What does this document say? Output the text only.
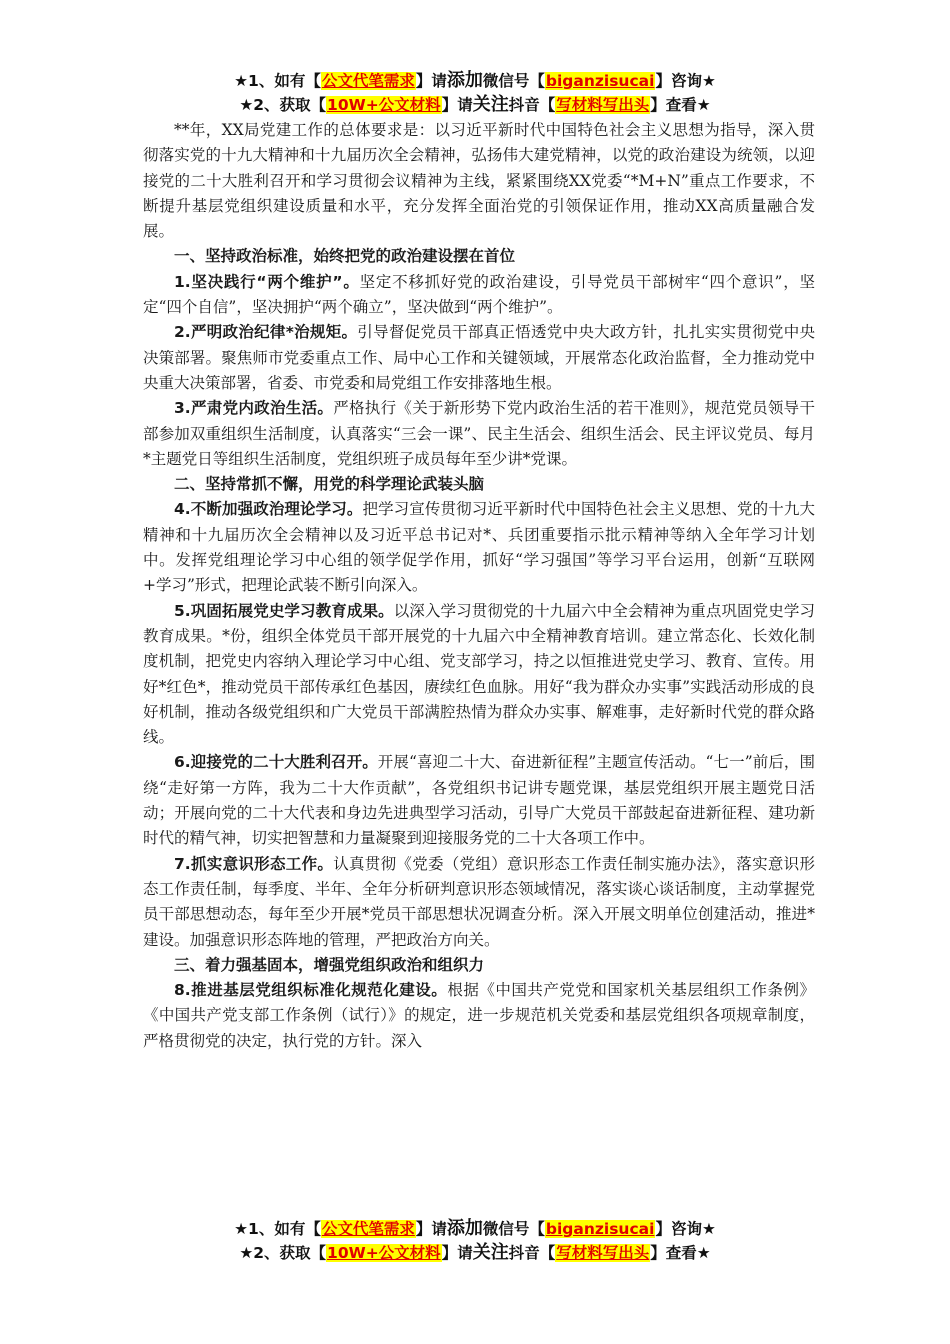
★1、如有【公文代笔需求】请添加微信号【biganzisucai】咨询★
★2、获取【10W+公文材料】请关注抖音【写材料写出头】查看★

**年，XX局党建工作的总体要求是：以习近平新时代中国特色社会主义思想为指导，深入贯彻落实党的十九大精神和十九届历次全会精神，弘扬伟大建党精神，以党的政治建设为统领，以迎接党的二十大胜利召开和学习贯彻会议精神为主线，紧紧围绕XX党委“*M+N”重点工作要求，不断提升基层党组织建设质量和水平，充分发挥全面治党的引领保证作用，推动XX高质量融合发展。

一、坚持政治标准，始终把党的政治建设摆在首位

1.坚决践行“两个维护”。坚定不移抓好党的政治建设，引导党员干部树牢“四个意识”，坚定“四个自信”，坚决拥护“两个确立”，坚决做到“两个维护”。

2.严明政治纪律*治规矩。引导督促党员干部真正悟透党中央大政方针，扎扎实实贯彻党中央决策部署。聚焦师市党委重点工作、局中心工作和关键领域，开展常态化政治监督，全力推动党中央重大决策部署，省委、市党委和局党组工作安排落地生根。

3.严肃党内政治生活。严格执行《关于新形势下党内政治生活的若干准则》，规范党员领导干部参加双重组织生活制度，认真落实“三会一课”、民主生活会、组织生活会、民主评议党员、每月*主题党日等组织生活制度，党组织班子成员每年至少讲*党课。

二、坚持常抓不懈，用党的科学理论武装头脑

4.不断加强政治理论学习。把学习宣传贯彻习近平新时代中国特色社会主义思想、党的十九大精神和十九届历次全会精神以及习近平总书记对*、兵团重要指示批示精神等纳入全年学习计划中。发挥党组理论学习中心组的领学促学作用，抓好“学习强国”等学习平台运用，创新“互联网+学习”形式，把理论武装不断引向深入。

5.巩固拓展党史学习教育成果。以深入学习贯彻党的十九届六中全会精神为重点巩固党史学习教育成果。*份，组织全体党员干部开展党的十九届六中全精神教育培训。建立常态化、长效化制度机制，把党史内容纳入理论学习中心组、党支部学习，持之以恒推进党史学习、教育、宣传。用好*红色*，推动党员干部传承红色基因，赓续红色血脉。用好“我为群众办实事”实践活动形成的良好机制，推动各级党组织和广大党员干部满腔热情为群众办实事、解难事，走好新时代党的群众路线。

6.迎接党的二十大胜利召开。开展“喜迎二十大、奋进新征程”主题宣传活动。“七一”前后，围绕“走好第一方阵，我为二十大作贡献”，各党组织书记讲专题党课，基层党组织开展主题党日活动；开展向党的二十大代表和身边先进典型学习活动，引导广大党员干部鼓起奋进新征程、建功新时代的精气神，切实把智慧和力量凝聚到迎接服务党的二十大各项工作中。

7.抓实意识形态工作。认真贯彻《党委（党组）意识形态工作责任制实施办法》，落实意识形态工作责任制，每季度、半年、全年分析研判意识形态领域情况，落实谈心谈话制度，主动掌握党员干部思想动态，每年至少开展*党员干部思想状况调查分析。深入开展文明单位创建活动，推进*建设。加强意识形态阵地的管理，严把政治方向关。

三、着力强基固本，增强党组织政治和组织力

8.推进基层党组织标准化规范化建设。根据《中国共产党党和国家机关基层组织工作条例》《中国共产党支部工作条例（试行）》的规定，进一步规范机关党委和基层党组织各项规章制度，严格贯彻党的决定，执行党的方针。深入

★1、如有【公文代笔需求】请添加微信号【biganzisucai】咨询★
★2、获取【10W+公文材料】请关注抖音【写材料写出头】查看★
